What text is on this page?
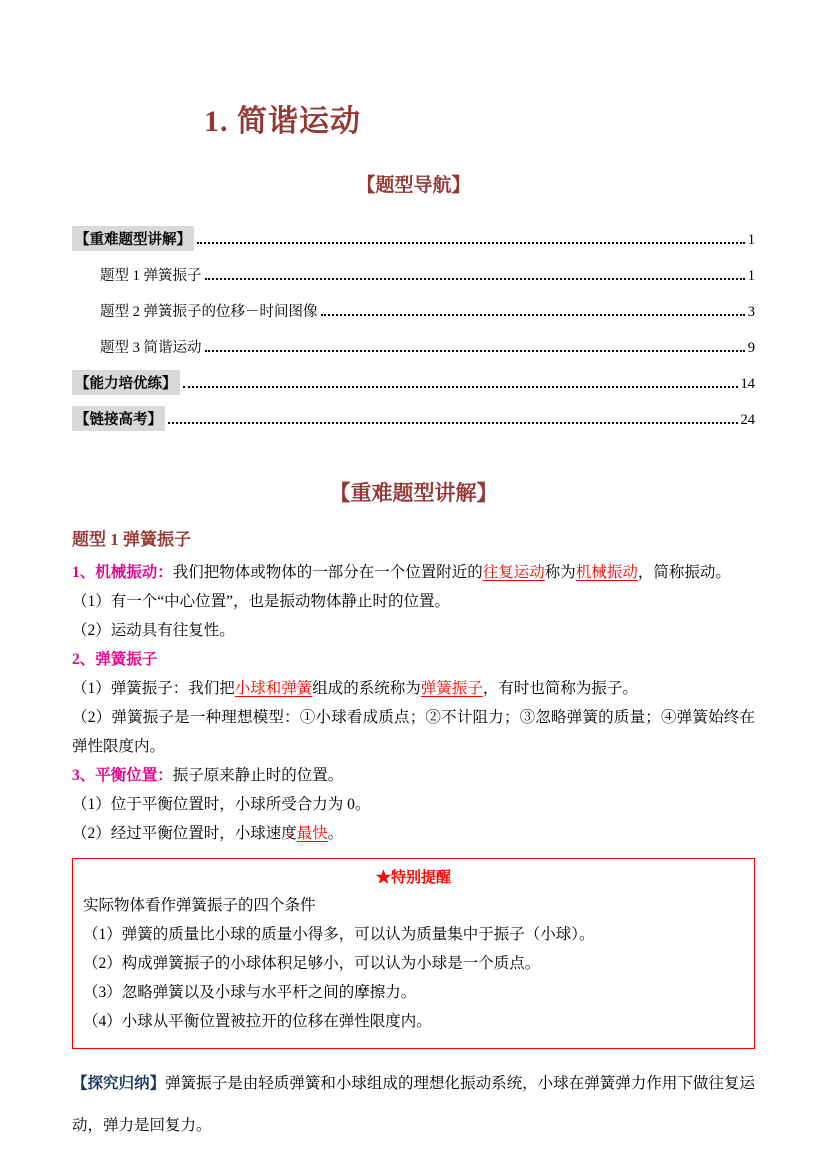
1. 简谐运动
【题型导航】
【重难题型讲解】	1
题型 1 弹簧振子	1
题型 2 弹簧振子的位移－时间图像	3
题型 3 简谐运动	9
【能力培优练】	14
【链接高考】	24
【重难题型讲解】
题型 1 弹簧振子

1、机械振动：我们把物体或物体的一部分在一个位置附近的往复运动称为机械振动，简称振动。

（1）有一个“中心位置”，也是振动物体静止时的位置。

（2）运动具有往复性。

2、弹簧振子

（1）弹簧振子：我们把小球和弹簧组成的系统称为弹簧振子，有时也简称为振子。

（2）弹簧振子是一种理想模型：①小球看成质点；②不计阻力；③忽略弹簧的质量；④弹簧始终在弹性限度内。

3、平衡位置：振子原来静止时的位置。

（1）位于平衡位置时，小球所受合力为 0。

（2）经过平衡位置时，小球速度最快。

★特别提醒

实际物体看作弹簧振子的四个条件

（1）弹簧的质量比小球的质量小得多，可以认为质量集中于振子（小球）。

（2）构成弹簧振子的小球体积足够小，可以认为小球是一个质点。

（3）忽略弹簧以及小球与水平杆之间的摩擦力。

（4）小球从平衡位置被拉开的位移在弹性限度内。

【探究归纳】弹簧振子是由轻质弹簧和小球组成的理想化振动系统，小球在弹簧弹力作用下做往复运动，弹力是回复力。
